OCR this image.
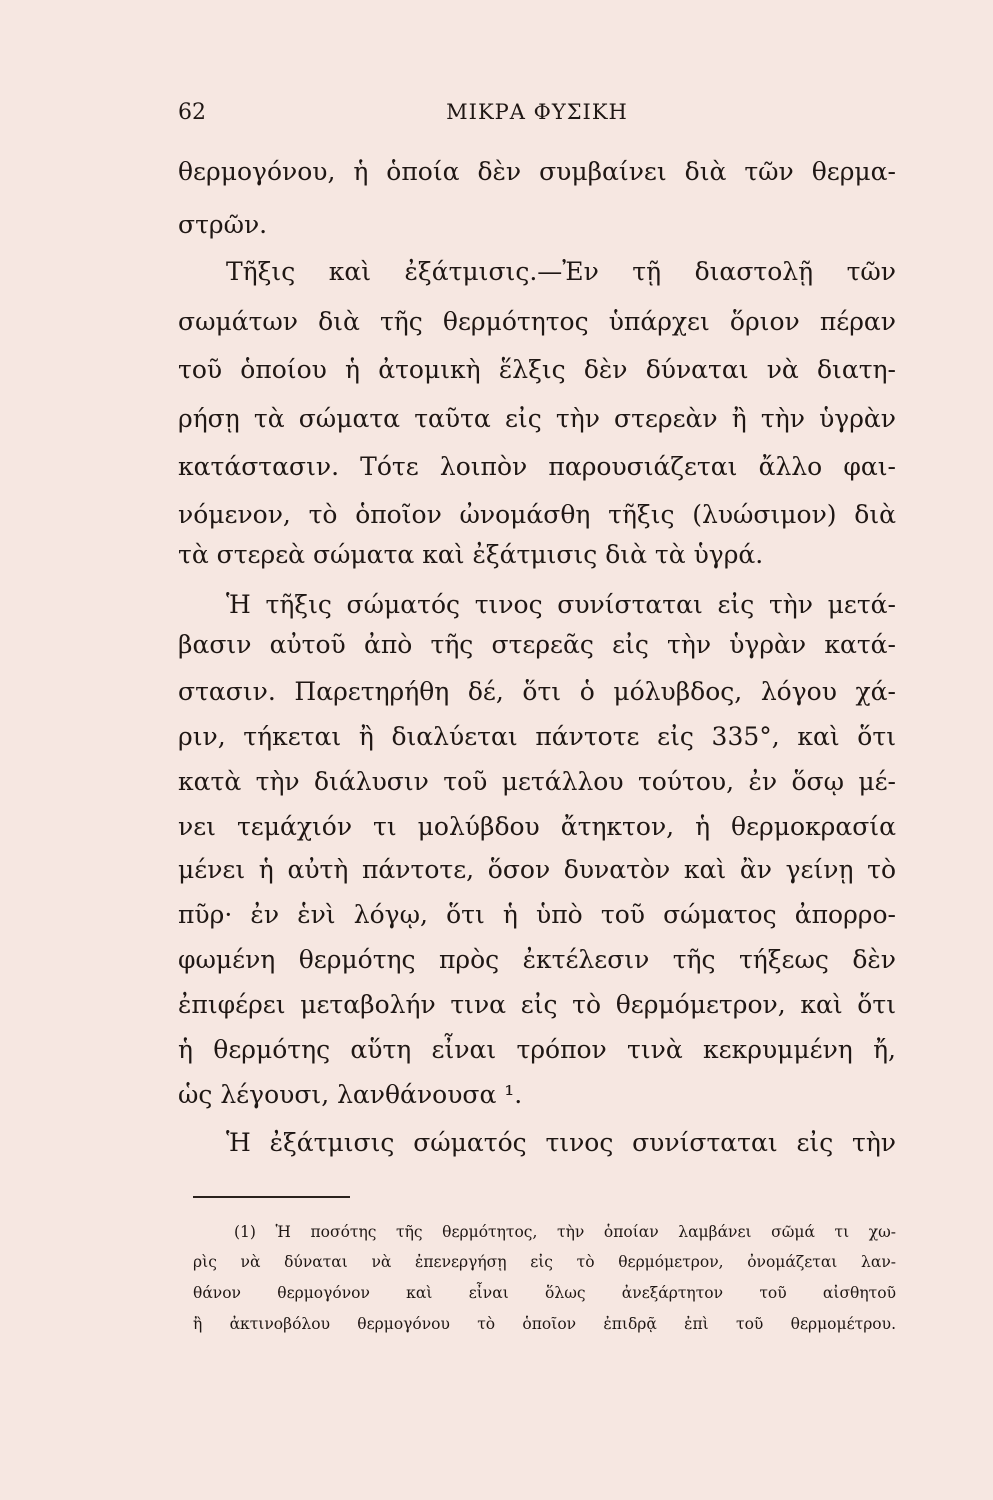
62	ΜΙΚΡΑ ΦΥΣΙΚΗ
θερμογόνου, ἡ ὁποία δὲν συμβαίνει διὰ τῶν θερμα-
στρῶν.
Τῆξις καὶ ἐξάτμισις.—Ἐν τῇ διαστολῇ τῶν
σωμάτων διὰ τῆς θερμότητος ὑπάρχει ὅριον πέραν
τοῦ ὁποίου ἡ ἀτομικὴ ἕλξις δὲν δύναται νὰ διατη-
ρήσῃ τὰ σώματα ταῦτα εἰς τὴν στερεὰν ἢ τὴν ὑγρὰν
κατάστασιν. Τότε λοιπὸν παρουσιάζεται ἄλλο φαι-
νόμενον, τὸ ὁποῖον ὠνομάσθη τῆξις (λυώσιμον) διὰ
τὰ στερεὰ σώματα καὶ ἐξάτμισις διὰ τὰ ὑγρά.
Ἡ τῆξις σώματός τινος συνίσταται εἰς τὴν μετά-
βασιν αὐτοῦ ἀπὸ τῆς στερεᾶς εἰς τὴν ὑγρὰν κατά-
στασιν. Παρετηρήθη δέ, ὅτι ὁ μόλυβδος, λόγου χά-
ριν, τήκεται ἢ διαλύεται πάντοτε εἰς 335°, καὶ ὅτι
κατὰ τὴν διάλυσιν τοῦ μετάλλου τούτου, ἐν ὅσῳ μέ-
νει τεμάχιόν τι μολύβδου ἄτηκτον, ἡ θερμοκρασία
μένει ἡ αὐτὴ πάντοτε, ὅσον δυνατὸν καὶ ἂν γείνῃ τὸ
πῦρ· ἐν ἑνὶ λόγῳ, ὅτι ἡ ὑπὸ τοῦ σώματος ἀπορρο-
φωμένη θερμότης πρὸς ἐκτέλεσιν τῆς τήξεως δὲν
ἐπιφέρει μεταβολήν τινα εἰς τὸ θερμόμετρον, καὶ ὅτι
ἡ θερμότης αὕτη εἶναι τρόπον τινὰ κεκρυμμένη ἤ,
ὡς λέγουσι, λανθάνουσα ¹.
Ἡ ἐξάτμισις σώματός τινος συνίσταται εἰς τὴν
(1) Ἡ ποσότης τῆς θερμότητος, τὴν ὁποίαν λαμβάνει σῶμά τι χω-
ρὶς νὰ δύναται νὰ ἐπενεργήσῃ εἰς τὸ θερμόμετρον, ὀνομάζεται λαν-
θάνον θερμογόνον καὶ εἶναι ὅλως ἀνεξάρτητον τοῦ αἰσθητοῦ
ἢ ἀκτινοβόλου θερμογόνου τὸ ὁποῖον ἐπιδρᾷ ἐπὶ τοῦ θερμομέτρου.
